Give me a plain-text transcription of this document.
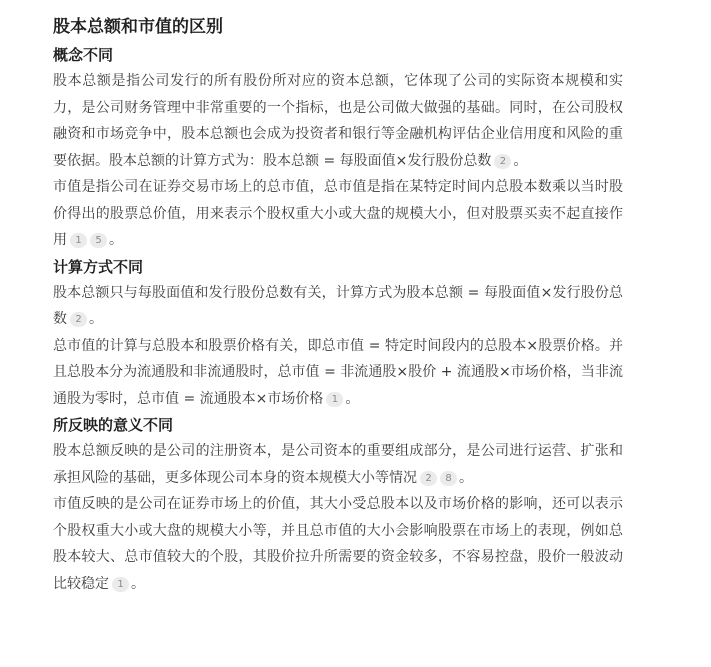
股本总额和市值的区别
概念不同

股本总额是指公司发行的所有股份所对应的资本总额，它体现了公司的实际资本规模和实力，是公司财务管理中非常重要的一个指标，也是公司做大做强的基础。同时，在公司股权融资和市场竞争中，股本总额也会成为投资者和银行等金融机构评估企业信用度和风险的重要依据。股本总额的计算方式为：股本总额 = 每股面值×发行股份总数 2 。

市值是指公司在证券交易市场上的总市值，总市值是指在某特定时间内总股本数乘以当时股价得出的股票总价值，用来表示个股权重大小或大盘的规模大小，但对股票买卖不起直接作用 1 5 。

计算方式不同

股本总额只与每股面值和发行股份总数有关，计算方式为股本总额 = 每股面值×发行股份总数 2 。

总市值的计算与总股本和股票价格有关，即总市值 = 特定时间段内的总股本×股票价格。并且总股本分为流通股和非流通股时，总市值 = 非流通股×股价 + 流通股×市场价格，当非流通股为零时，总市值 = 流通股本×市场价格 1 。

所反映的意义不同

股本总额反映的是公司的注册资本，是公司资本的重要组成部分，是公司进行运营、扩张和承担风险的基础，更多体现公司本身的资本规模大小等情况 2 8 。

市值反映的是公司在证券市场上的价值，其大小受总股本以及市场价格的影响，还可以表示个股权重大小或大盘的规模大小等，并且总市值的大小会影响股票在市场上的表现，例如总股本较大、总市值较大的个股，其股价拉升所需要的资金较多，不容易控盘，股价一般波动比较稳定 1 。
